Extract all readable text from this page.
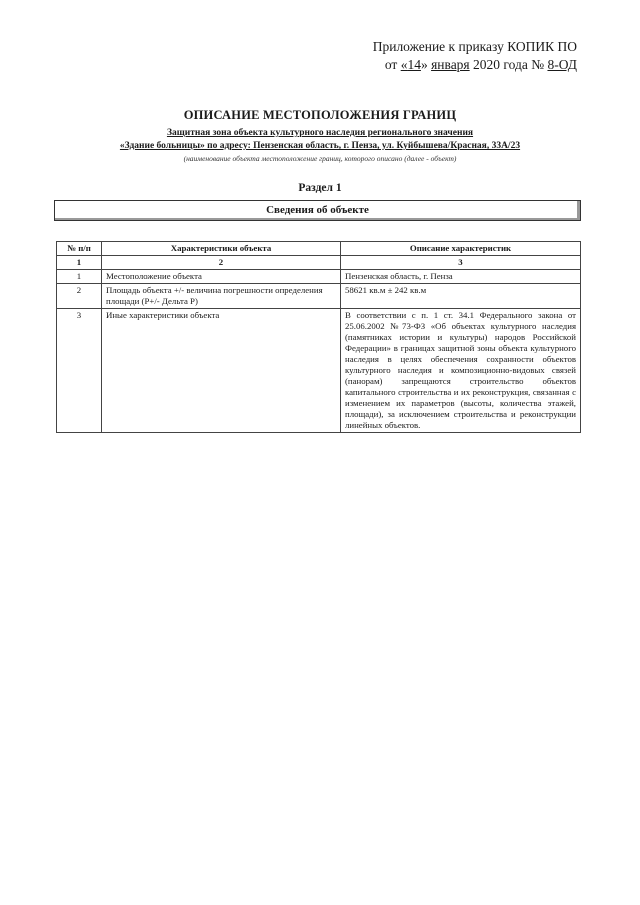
Приложение к приказу КОПИК ПО
от «14» января 2020 года № 8-ОД
ОПИСАНИЕ МЕСТОПОЛОЖЕНИЯ ГРАНИЦ
Защитная зона объекта культурного наследия регионального значения
«Здание больницы» по адресу: Пензенская область, г. Пенза, ул. Куйбышева/Красная, 33А/23
(наименование объекта местоположение границ, которого описано (далее - объект)
Раздел 1
Сведения об объекте
№ п/п	Характеристики объекта	Описание характеристик
1	2	3
1	Местоположение объекта	Пензенская область, г. Пенза
2	Площадь объекта +/- величина погрешности определения площади (Р+/- Дельта Р)	58621 кв.м ± 242 кв.м
3	Иные характеристики объекта	В соответствии с п. 1 ст. 34.1 Федерального закона от 25.06.2002 №73-ФЗ «Об объектах культурного наследия (памятниках истории и культуры) народов Российской Федерации» в границах защитной зоны объекта культурного наследия в целях обеспечения сохранности объектов культурного наследия и композиционно-видовых связей (панорам) запрещаются строительство объектов капитального строительства и их реконструкция, связанная с изменением их параметров (высоты, количества этажей, площади), за исключением строительства и реконструкции линейных объектов.
